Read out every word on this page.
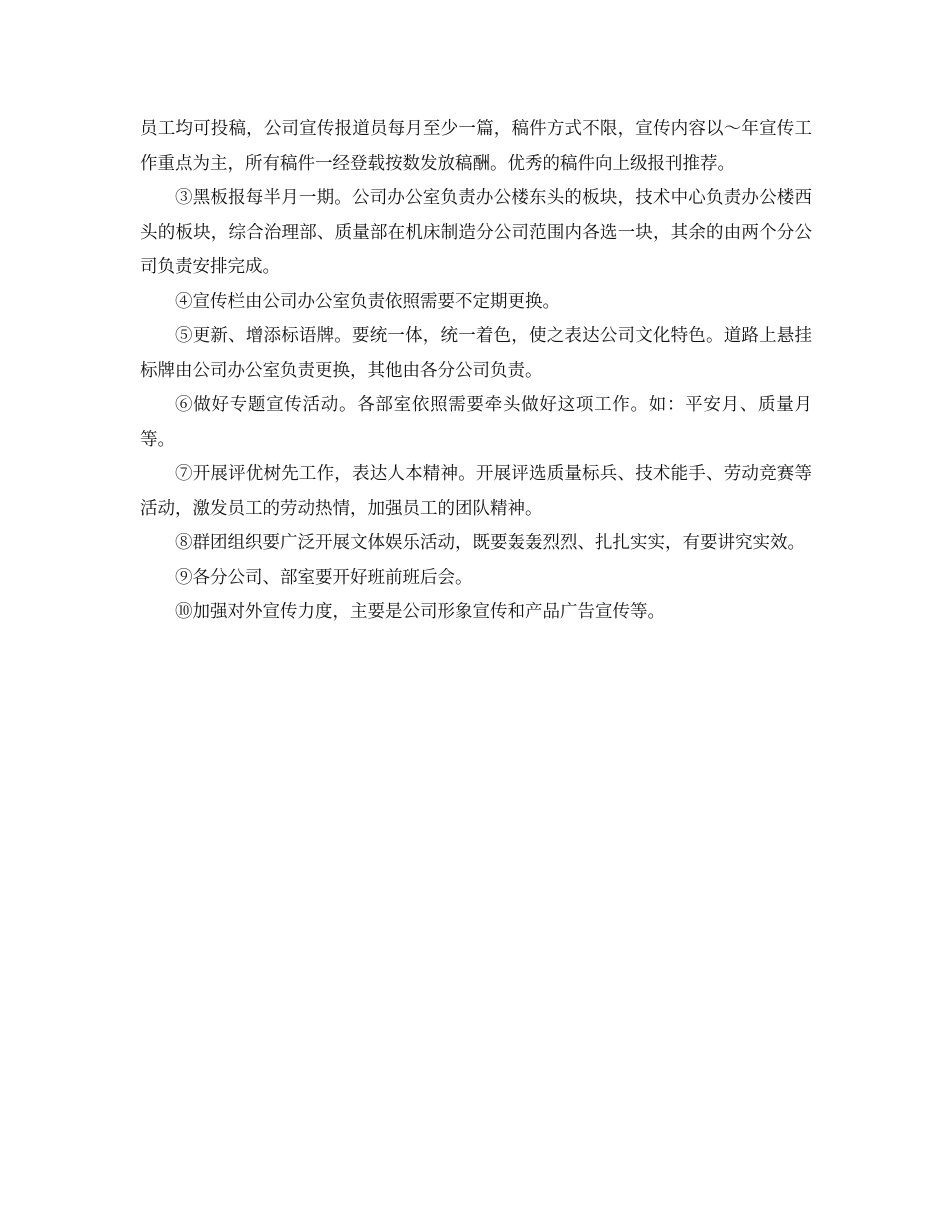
员工均可投稿，公司宣传报道员每月至少一篇，稿件方式不限，宣传内容以～年宣传工作重点为主，所有稿件一经登载按数发放稿酬。优秀的稿件向上级报刊推荐。

③黑板报每半月一期。公司办公室负责办公楼东头的板块，技术中心负责办公楼西头的板块，综合治理部、质量部在机床制造分公司范围内各选一块，其余的由两个分公司负责安排完成。

④宣传栏由公司办公室负责依照需要不定期更换。

⑤更新、增添标语牌。要统一体，统一着色，使之表达公司文化特色。道路上悬挂标牌由公司办公室负责更换，其他由各分公司负责。

⑥做好专题宣传活动。各部室依照需要牵头做好这项工作。如：平安月、质量月等。

⑦开展评优树先工作，表达人本精神。开展评选质量标兵、技术能手、劳动竞赛等活动，激发员工的劳动热情，加强员工的团队精神。

⑧群团组织要广泛开展文体娱乐活动，既要轰轰烈烈、扎扎实实，有要讲究实效。

⑨各分公司、部室要开好班前班后会。

⑩加强对外宣传力度，主要是公司形象宣传和产品广告宣传等。
